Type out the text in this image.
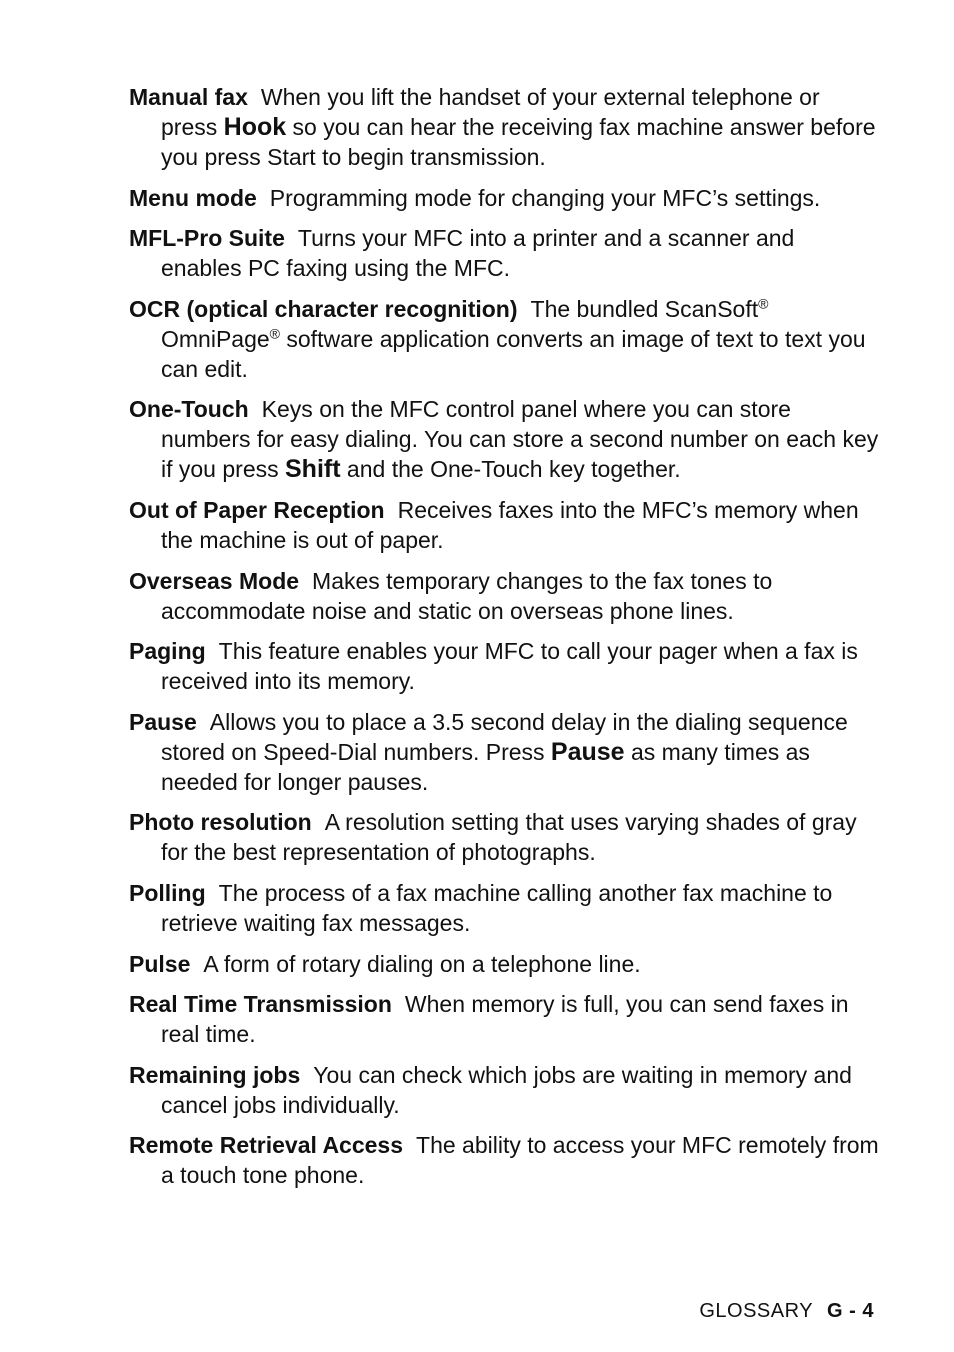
Manual fax When you lift the handset of your external telephone or press Hook so you can hear the receiving fax machine answer before you press Start to begin transmission.
Menu mode Programming mode for changing your MFC’s settings.
MFL-Pro Suite Turns your MFC into a printer and a scanner and enables PC faxing using the MFC.
OCR (optical character recognition) The bundled ScanSoft® OmniPage® software application converts an image of text to text you can edit.
One-Touch Keys on the MFC control panel where you can store numbers for easy dialing. You can store a second number on each key if you press Shift and the One-Touch key together.
Out of Paper Reception Receives faxes into the MFC’s memory when the machine is out of paper.
Overseas Mode Makes temporary changes to the fax tones to accommodate noise and static on overseas phone lines.
Paging This feature enables your MFC to call your pager when a fax is received into its memory.
Pause Allows you to place a 3.5 second delay in the dialing sequence stored on Speed-Dial numbers. Press Pause as many times as needed for longer pauses.
Photo resolution A resolution setting that uses varying shades of gray for the best representation of photographs.
Polling The process of a fax machine calling another fax machine to retrieve waiting fax messages.
Pulse A form of rotary dialing on a telephone line.
Real Time Transmission When memory is full, you can send faxes in real time.
Remaining jobs You can check which jobs are waiting in memory and cancel jobs individually.
Remote Retrieval Access The ability to access your MFC remotely from a touch tone phone.
GLOSSARY G - 4
